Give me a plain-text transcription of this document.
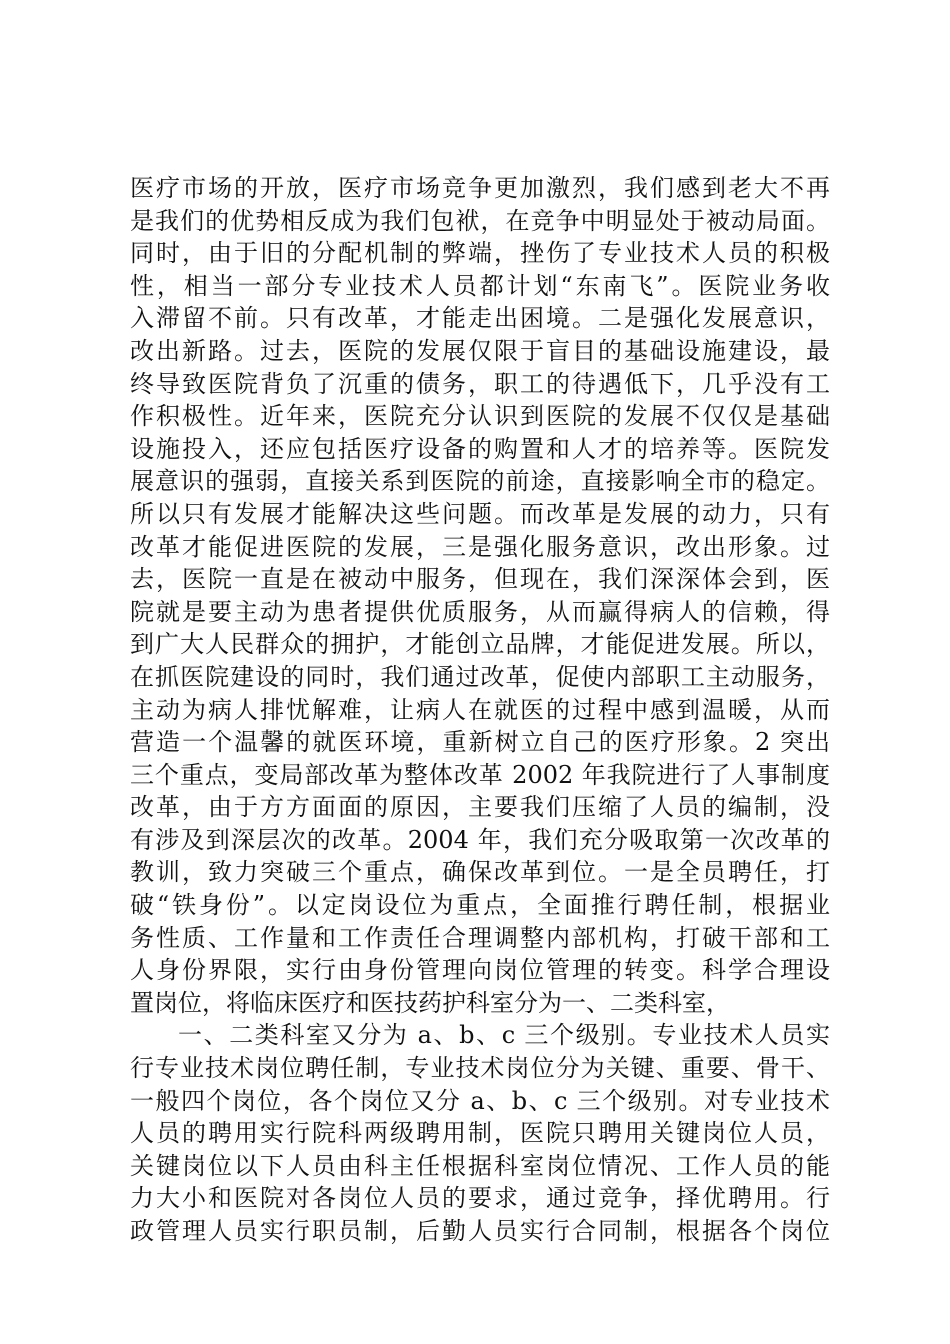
医疗市场的开放，医疗市场竞争更加激烈，我们感到老大不再
是我们的优势相反成为我们包袱，在竞争中明显处于被动局面。
同时，由于旧的分配机制的弊端，挫伤了专业技术人员的积极
性，相当一部分专业技术人员都计划“东南飞”。医院业务收
入滞留不前。只有改革，才能走出困境。二是强化发展意识，
改出新路。过去，医院的发展仅限于盲目的基础设施建设，最
终导致医院背负了沉重的债务，职工的待遇低下，几乎没有工
作积极性。近年来，医院充分认识到医院的发展不仅仅是基础
设施投入，还应包括医疗设备的购置和人才的培养等。医院发
展意识的强弱，直接关系到医院的前途，直接影响全市的稳定。
所以只有发展才能解决这些问题。而改革是发展的动力，只有
改革才能促进医院的发展，三是强化服务意识，改出形象。过
去，医院一直是在被动中服务，但现在，我们深深体会到，医
院就是要主动为患者提供优质服务，从而赢得病人的信赖，得
到广大人民群众的拥护，才能创立品牌，才能促进发展。所以，
在抓医院建设的同时，我们通过改革，促使内部职工主动服务，
主动为病人排忧解难，让病人在就医的过程中感到温暖，从而
营造一个温馨的就医环境，重新树立自己的医疗形象。2 突出
三个重点，变局部改革为整体改革 2002 年我院进行了人事制度
改革，由于方方面面的原因，主要我们压缩了人员的编制，没
有涉及到深层次的改革。2004 年，我们充分吸取第一次改革的
教训，致力突破三个重点，确保改革到位。一是全员聘任，打
破“铁身份”。以定岗设位为重点，全面推行聘任制，根据业
务性质、工作量和工作责任合理调整内部机构，打破干部和工
人身份界限，实行由身份管理向岗位管理的转变。科学合理设
置岗位，将临床医疗和医技药护科室分为一、二类科室，
一、二类科室又分为 a、b、c 三个级别。专业技术人员实
行专业技术岗位聘任制，专业技术岗位分为关键、重要、骨干、
一般四个岗位，各个岗位又分 a、b、c 三个级别。对专业技术
人员的聘用实行院科两级聘用制，医院只聘用关键岗位人员，
关键岗位以下人员由科主任根据科室岗位情况、工作人员的能
力大小和医院对各岗位人员的要求，通过竞争，择优聘用。行
政管理人员实行职员制，后勤人员实行合同制，根据各个岗位
